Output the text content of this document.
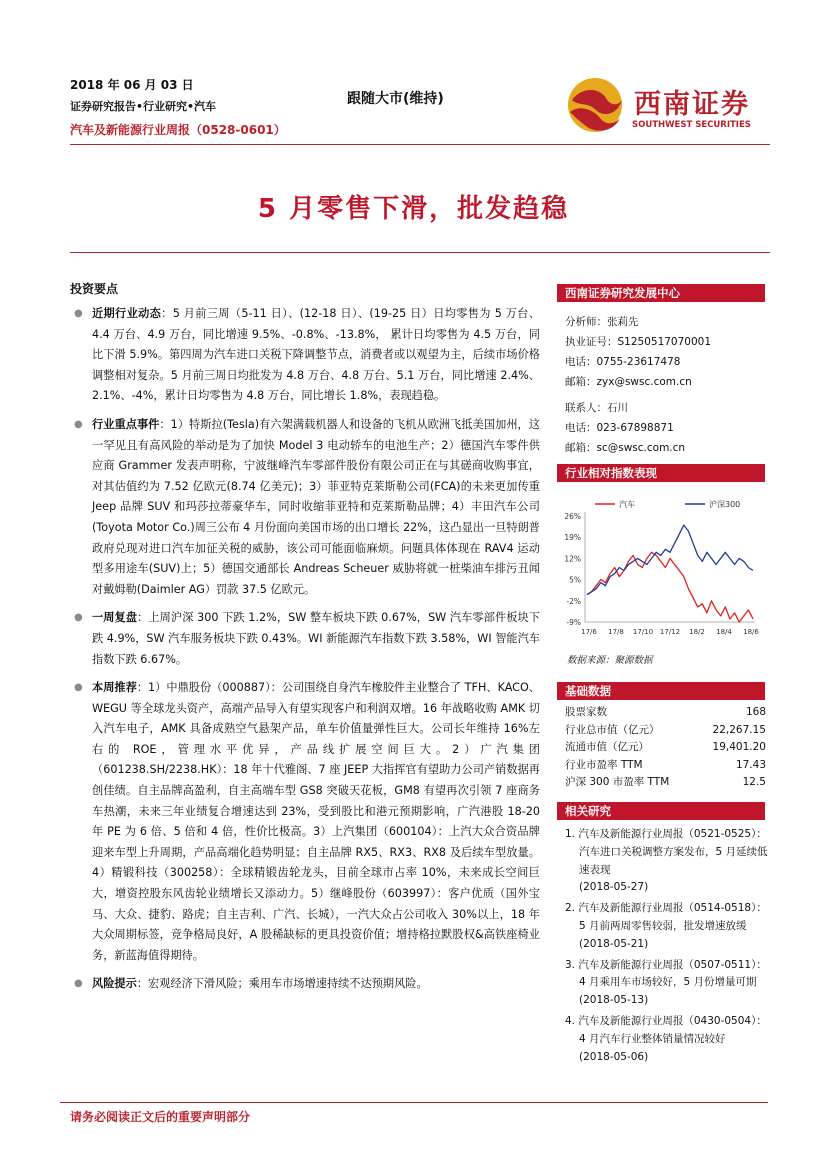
2018 年 06 月 03 日
证券研究报告•行业研究•汽车
汽车及新能源行业周报（0528-0601）
跟随大市(维持)	西南证券
SOUTHWEST SECURITIES
5 月零售下滑，批发趋稳
投资要点
● 近期行业动态：5 月前三周（5-11 日）、(12-18 日）、(19-25 日）日均零售为 5 万台、4.4 万台、4.9 万台，同比增速 9.5%、-0.8%、-13.8%， 累计日均零售为 4.5 万台，同比下滑 5.9%。第四周为汽车进口关税下降调整节点，消费者或以观望为主，后续市场价格调整相对复杂。5 月前三周日均批发为 4.8 万台、4.8 万台、5.1 万台，同比增速 2.4%、2.1%、-4%，累计日均零售为 4.8 万台，同比增长 1.8%，表现趋稳。
● 行业重点事件：1）特斯拉(Tesla)有六架满载机器人和设备的飞机从欧洲飞抵美国加州，这一罕见且有高风险的举动是为了加快 Model 3 电动轿车的电池生产；2）德国汽车零件供应商 Grammer 发表声明称，宁波继峰汽车零部件股份有限公司正在与其磋商收购事宜，对其估值约为 7.52 亿欧元(8.74 亿美元)；3）菲亚特克莱斯勒公司(FCA)的未来更加传重 Jeep 品牌 SUV 和玛莎拉蒂豪华车，同时收缩菲亚特和克莱斯勒品牌；4）丰田汽车公司(Toyota Motor Co.)周三公布 4 月份面向美国市场的出口增长 22%，这凸显出一旦特朗普政府兑现对进口汽车加征关税的威胁，该公司可能面临麻烦。问题具体体现在 RAV4 运动型多用途车(SUV)上；5）德国交通部长 Andreas Scheuer 威胁将就一桩柴油车排污丑闻对戴姆勒(Daimler AG）罚款 37.5 亿欧元。
● 一周复盘：上周沪深 300 下跌 1.2%，SW 整车板块下跌 0.67%，SW 汽车零部件板块下跌 4.9%，SW 汽车服务板块下跌 0.43%。WI 新能源汽车指数下跌 3.58%，WI 智能汽车指数下跌 6.67%。
● 本周推荐：1）中鼎股份（000887）：公司围绕自身汽车橡胶件主业整合了 TFH、KACO、WEGU 等全球龙头资产，高端产品导入有望实现客户和利润双增。16 年战略收购 AMK 切入汽车电子，AMK 具备成熟空气悬架产品，单车价值量弹性巨大。公司长年维持 16%左右的 ROE，管理水平优异，产品线扩展空间巨大。2）广汽集团（601238.SH/2238.HK）：18 年十代雅阁、7 座 JEEP 大指挥官有望助力公司产销数据再创佳绩。自主品牌高盈利，自主高端车型 GS8 突破天花板，GM8 有望再次引领 7 座商务车热潮，未来三年业绩复合增速达到 23%，受到股比和港元预期影响，广汽港股 18-20 年 PE 为 6 倍、5 倍和 4 倍，性价比极高。3）上汽集团（600104）：上汽大众合资品牌迎来车型上升周期，产品高端化趋势明显；自主品牌 RX5、RX3、RX8 及后续车型放量。4）精锻科技（300258）：全球精锻齿轮龙头，目前全球市占率 10%，未来成长空间巨大，增资控股东风齿轮业绩增长又添动力。5）继峰股份（603997）：客户优质（国外宝马、大众、捷豹、路虎；自主吉利、广汽、长城），一汽大众占公司收入 30%以上，18 年大众周期标签，竞争格局良好，A 股稀缺标的更具投资价值；增持格拉默股权&高铁座椅业务，新蓝海值得期待。
● 风险提示：宏观经济下滑风险；乘用车市场增速持续不达预期风险。
西南证券研究发展中心
分析师：张莉先
执业证号：S1250517070001
电话：0755-23617478
邮箱：zyx@swsc.com.cn
联系人：石川
电话：023-67898871
邮箱：sc@swsc.com.cn
行业相对指数表现
汽车	沪深300
26%
19%
12%
5%
-2%
-9%
17/6 17/8 17/10 17/12 18/2 18/4 18/6
数据来源：聚源数据
基础数据
股票家数	168
行业总市值（亿元）	22,267.15
流通市值（亿元）	19,401.20
行业市盈率 TTM	17.43
沪深 300 市盈率 TTM	12.5
相关研究
1. 汽车及新能源行业周报（0521-0525）：
汽车进口关税调整方案发布，5 月延续低速表现
(2018-05-27)
2. 汽车及新能源行业周报（0514-0518）：
5 月前两周零售较弱，批发增速放缓
(2018-05-21)
3. 汽车及新能源行业周报（0507-0511）：
4 月乘用车市场较好，5 月份增量可期
(2018-05-13)
4. 汽车及新能源行业周报（0430-0504）：
4 月汽车行业整体销量情况较好
(2018-05-06)
请务必阅读正文后的重要声明部分
